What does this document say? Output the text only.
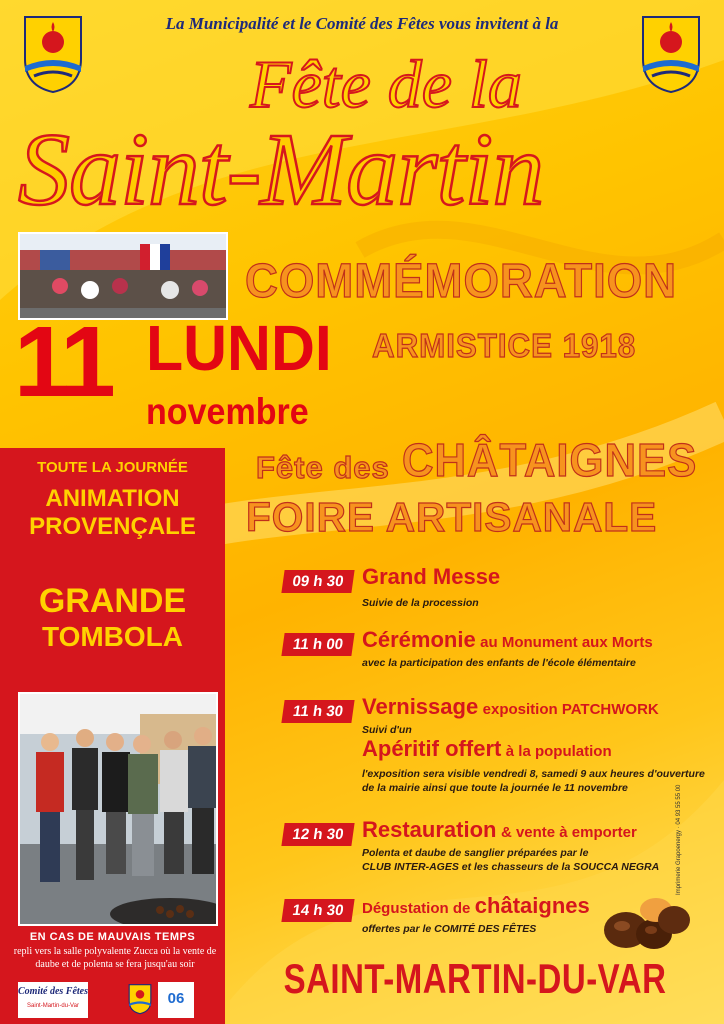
La Municipalité et le Comité des Fêtes vous invitent à la

Fête de la

Saint-Martin

COMMÉMORATION

ARMISTICE 1918

11 LUNDI

novembre

Fête des CHÂTAIGNES

FOIRE ARTISANALE

TOUTE LA JOURNÉE

ANIMATION

PROVENÇALE

GRANDE

TOMBOLA

EN CAS DE MAUVAIS TEMPS

repli vers la salle polyvalente Zucca où la vente de daube et de polenta se fera jusqu'au soir

Comité des Fêtes
Saint-Martin-du-Var	06
09 h 30 Grand Messe

Suivie de la procession

11 h 00 Cérémonie au Monument aux Morts

avec la participation des enfants de l'école élémentaire

11 h 30 Vernissage exposition PATCHWORK

Suivi d'un

Apéritif offert à la population

l'exposition sera visible vendredi 8, samedi 9 aux heures d'ouverture

de la mairie ainsi que toute la journée le 11 novembre

12 h 30 Restauration & vente à emporter

Polenta et daube de sanglier préparées par le

CLUB INTER-AGES et les chasseurs de la SOUCCA NEGRA

14 h 30	Dégustation de châtaignes

offertes par le COMITÉ DES FÊTES

Imprimerie Grapoenergy · 04 93 55 55 00

SAINT-MARTIN-DU-VAR
